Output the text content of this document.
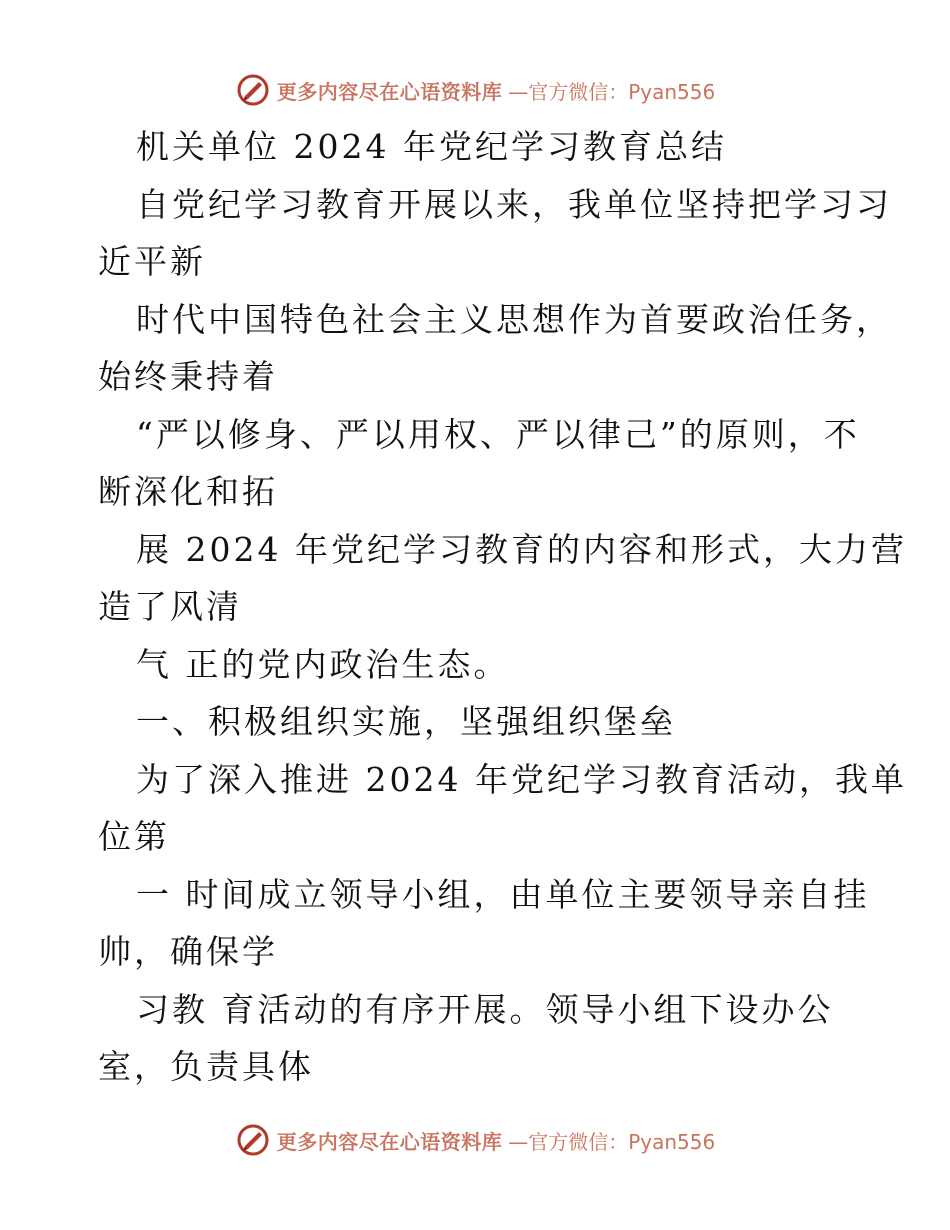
更多内容尽在心语资料库 —官方微信：Pyan556
机关单位 2024 年党纪学习教育总结
自党纪学习教育开展以来，我单位坚持把学习习
近平新
时代中国特色社会主义思想作为首要政治任务，
始终秉持着
“严以修身、严以用权、严以律己”的原则，不
断深化和拓
展 2024 年党纪学习教育的内容和形式，大力营
造了风清
气 正的党内政治生态。
一、积极组织实施，坚强组织堡垒
为了深入推进 2024 年党纪学习教育活动，我单
位第
一 时间成立领导小组，由单位主要领导亲自挂
帅，确保学
习教 育活动的有序开展。领导小组下设办公
室，负责具体
更多内容尽在心语资料库 —官方微信：Pyan556
